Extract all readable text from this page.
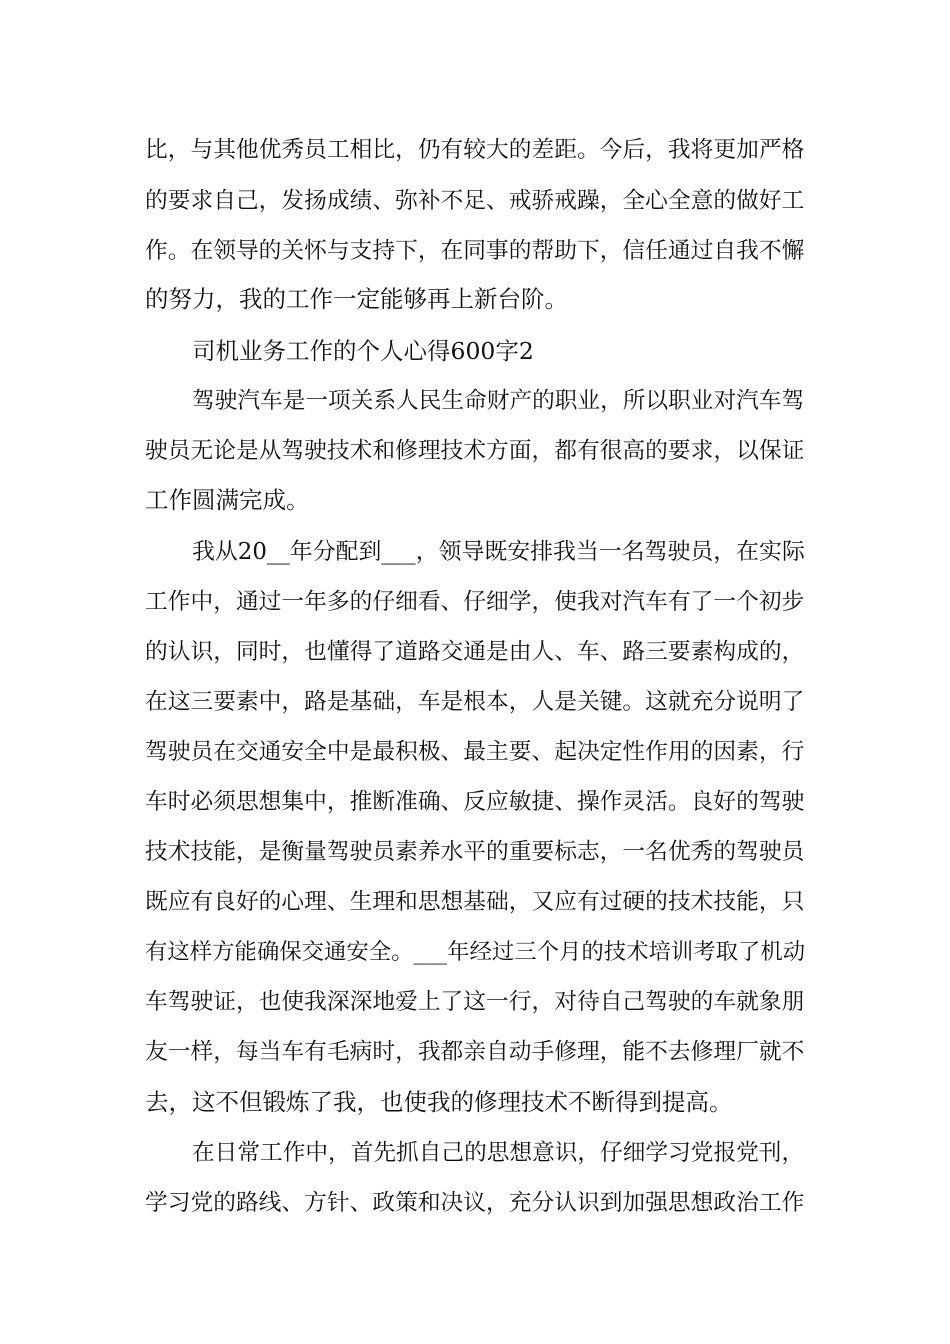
比，与其他优秀员工相比，仍有较大的差距。今后，我将更加严格

的要求自己，发扬成绩、弥补不足、戒骄戒躁，全心全意的做好工

作。在领导的关怀与支持下，在同事的帮助下，信任通过自我不懈

的努力，我的工作一定能够再上新台阶。

司机业务工作的个人心得600字2

驾驶汽车是一项关系人民生命财产的职业，所以职业对汽车驾

驶员无论是从驾驶技术和修理技术方面，都有很高的要求，以保证

工作圆满完成。

我从20__年分配到___，领导既安排我当一名驾驶员，在实际

工作中，通过一年多的仔细看、仔细学，使我对汽车有了一个初步

的认识，同时，也懂得了道路交通是由人、车、路三要素构成的，

在这三要素中，路是基础，车是根本，人是关键。这就充分说明了

驾驶员在交通安全中是最积极、最主要、起决定性作用的因素，行

车时必须思想集中，推断准确、反应敏捷、操作灵活。良好的驾驶

技术技能，是衡量驾驶员素养水平的重要标志，一名优秀的驾驶员

既应有良好的心理、生理和思想基础，又应有过硬的技术技能，只

有这样方能确保交通安全。___年经过三个月的技术培训考取了机动

车驾驶证，也使我深深地爱上了这一行，对待自己驾驶的车就象朋

友一样，每当车有毛病时，我都亲自动手修理，能不去修理厂就不

去，这不但锻炼了我，也使我的修理技术不断得到提高。

在日常工作中，首先抓自己的思想意识，仔细学习党报党刊，

学习党的路线、方针、政策和决议，充分认识到加强思想政治工作
